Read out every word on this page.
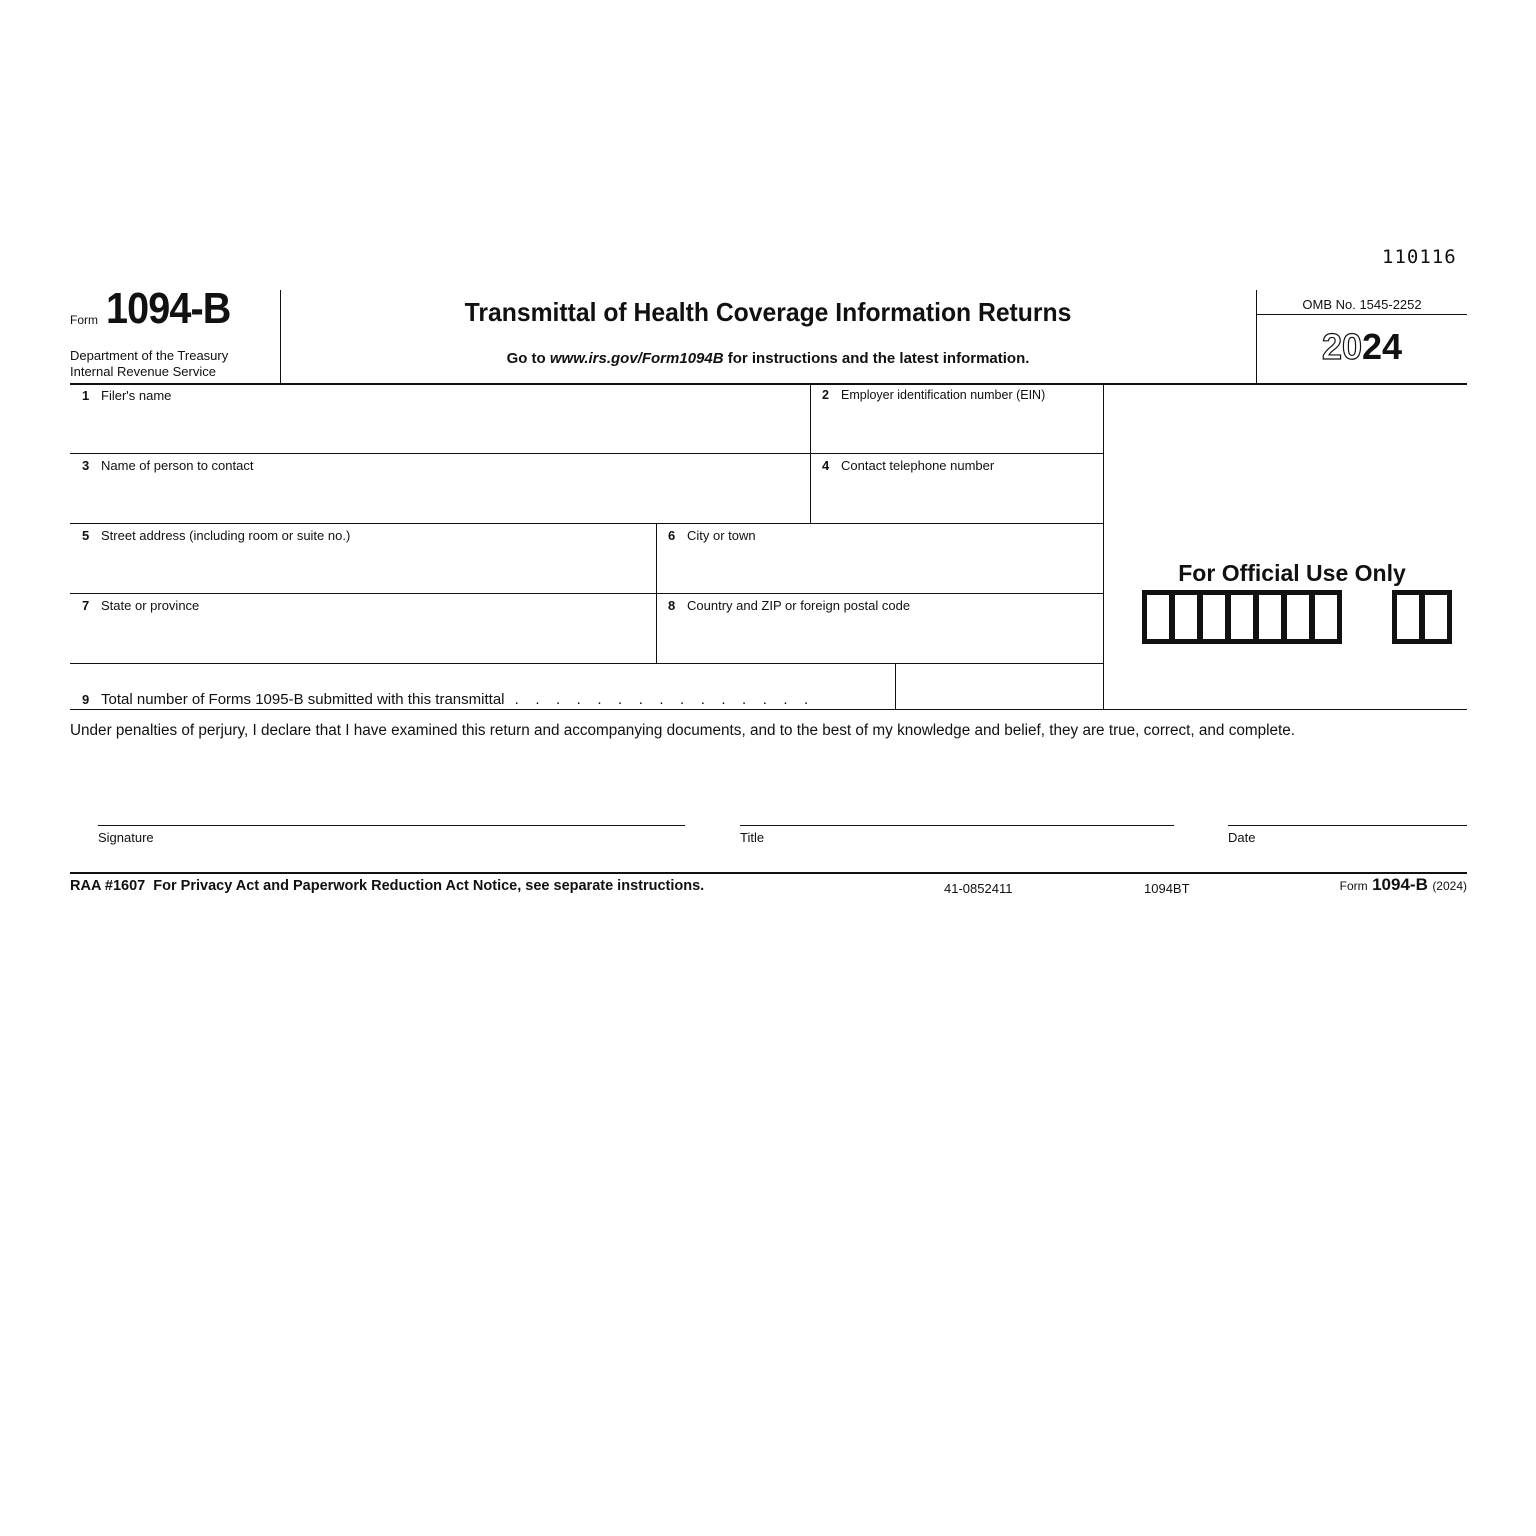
110116
Form 1094-B
Department of the Treasury
Internal Revenue Service
Transmittal of Health Coverage Information Returns
Go to www.irs.gov/Form1094B for instructions and the latest information.
OMB No. 1545-2252
2024
1 Filer's name	2 Employer identification number (EIN)
3 Name of person to contact	4 Contact telephone number
5 Street address (including room or suite no.)	6 City or town
7 State or province	8 Country and ZIP or foreign postal code
9 Total number of Forms 1095-B submitted with this transmittal .   .   .   .   .   .   .   .   .   .   .   .   .   .   .
For Official Use Only
Under penalties of perjury, I declare that I have examined this return and accompanying documents, and to the best of my knowledge and belief, they are true, correct, and complete.
Signature	Title	Date
RAA #1607 For Privacy Act and Paperwork Reduction Act Notice, see separate instructions.	41-0852411	1094BT	Form 1094-B (2024)
